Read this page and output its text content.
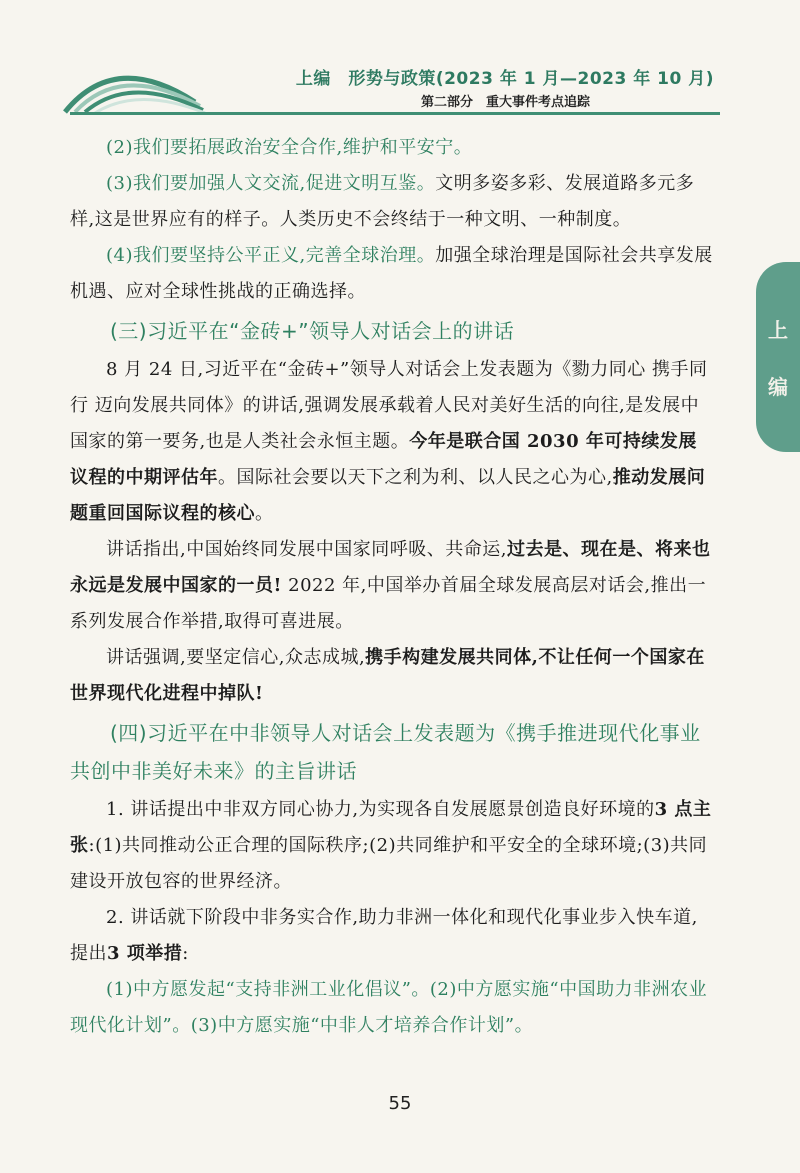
上编　形势与政策(2023 年 1 月—2023 年 10 月)
第二部分　重大事件考点追踪
上
编

(2)我们要拓展政治安全合作,维护和平安宁。

(3)我们要加强人文交流,促进文明互鉴。文明多姿多彩、发展道路多元多样,这是世界应有的样子。人类历史不会终结于一种文明、一种制度。

(4)我们要坚持公平正义,完善全球治理。加强全球治理是国际社会共享发展机遇、应对全球性挑战的正确选择。

(三)习近平在“金砖+”领导人对话会上的讲话

8 月 24 日,习近平在“金砖+”领导人对话会上发表题为《勠力同心 携手同行 迈向发展共同体》的讲话,强调发展承载着人民对美好生活的向往,是发展中国家的第一要务,也是人类社会永恒主题。今年是联合国 2030 年可持续发展议程的中期评估年。国际社会要以天下之利为利、以人民之心为心,推动发展问题重回国际议程的核心。

讲话指出,中国始终同发展中国家同呼吸、共命运,过去是、现在是、将来也永远是发展中国家的一员! 2022 年,中国举办首届全球发展高层对话会,推出一系列发展合作举措,取得可喜进展。

讲话强调,要坚定信心,众志成城,携手构建发展共同体,不让任何一个国家在世界现代化进程中掉队!

(四)习近平在中非领导人对话会上发表题为《携手推进现代化事业 共创中非美好未来》的主旨讲话

1. 讲话提出中非双方同心协力,为实现各自发展愿景创造良好环境的3 点主张:(1)共同推动公正合理的国际秩序;(2)共同维护和平安全的全球环境;(3)共同建设开放包容的世界经济。

2. 讲话就下阶段中非务实合作,助力非洲一体化和现代化事业步入快车道,提出3 项举措:

(1)中方愿发起“支持非洲工业化倡议”。(2)中方愿实施“中国助力非洲农业现代化计划”。(3)中方愿实施“中非人才培养合作计划”。

55
